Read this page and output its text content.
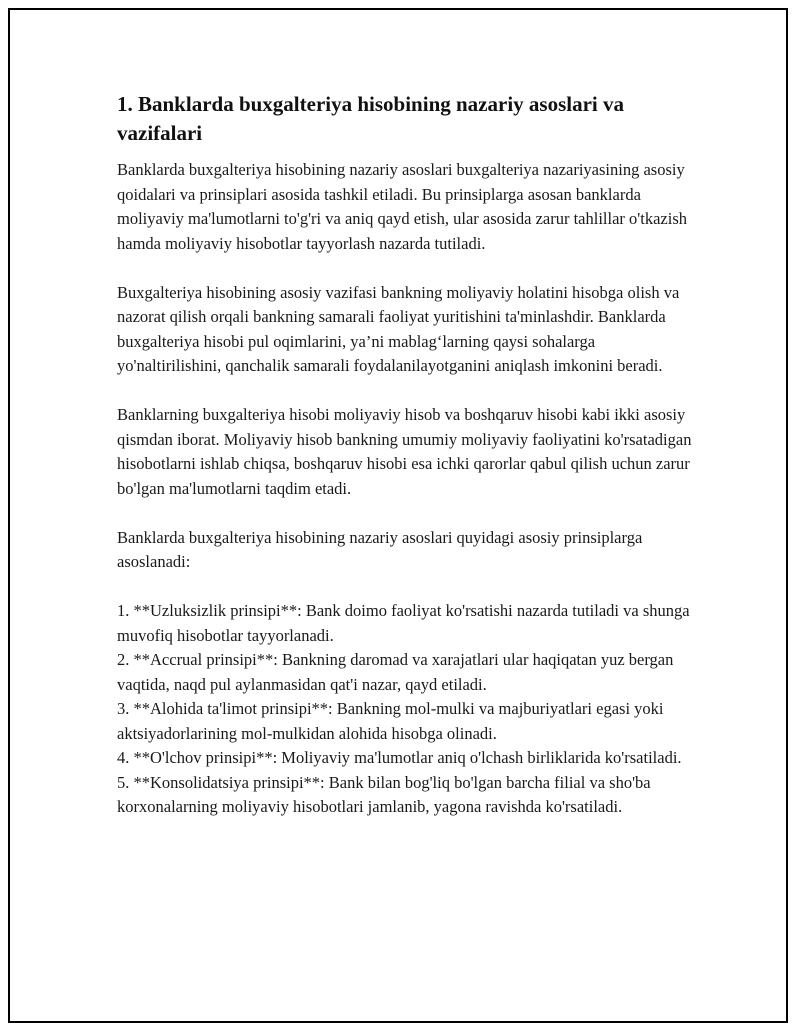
1. Banklarda buxgalteriya hisobining nazariy asoslari va vazifalari

Banklarda buxgalteriya hisobining nazariy asoslari buxgalteriya nazariyasining asosiy qoidalari va prinsiplari asosida tashkil etiladi. Bu prinsiplarga asosan banklarda moliyaviy ma'lumotlarni to'g'ri va aniq qayd etish, ular asosida zarur tahlillar o'tkazish hamda moliyaviy hisobotlar tayyorlash nazarda tutiladi.

Buxgalteriya hisobining asosiy vazifasi bankning moliyaviy holatini hisobga olish va nazorat qilish orqali bankning samarali faoliyat yuritishini ta'minlashdir. Banklarda buxgalteriya hisobi pul oqimlarini, ya’ni mablag‘larning qaysi sohalarga yo'naltirilishini, qanchalik samarali foydalanilayotganini aniqlash imkonini beradi.

Banklarning buxgalteriya hisobi moliyaviy hisob va boshqaruv hisobi kabi ikki asosiy qismdan iborat. Moliyaviy hisob bankning umumiy moliyaviy faoliyatini ko'rsatadigan hisobotlarni ishlab chiqsa, boshqaruv hisobi esa ichki qarorlar qabul qilish uchun zarur bo'lgan ma'lumotlarni taqdim etadi.

Banklarda buxgalteriya hisobining nazariy asoslari quyidagi asosiy prinsiplarga asoslanadi:

1. **Uzluksizlik prinsipi**: Bank doimo faoliyat ko'rsatishi nazarda tutiladi va shunga muvofiq hisobotlar tayyorlanadi.
2. **Accrual prinsipi**: Bankning daromad va xarajatlari ular haqiqatan yuz bergan vaqtida, naqd pul aylanmasidan qat'i nazar, qayd etiladi.
3. **Alohida ta'limot prinsipi**: Bankning mol-mulki va majburiyatlari egasi yoki aktsiyadorlarining mol-mulkidan alohida hisobga olinadi.
4. **O'lchov prinsipi**: Moliyaviy ma'lumotlar aniq o'lchash birliklarida ko'rsatiladi.
5. **Konsolidatsiya prinsipi**: Bank bilan bog'liq bo'lgan barcha filial va sho'ba korxonalarning moliyaviy hisobotlari jamlanib, yagona ravishda ko'rsatiladi.
